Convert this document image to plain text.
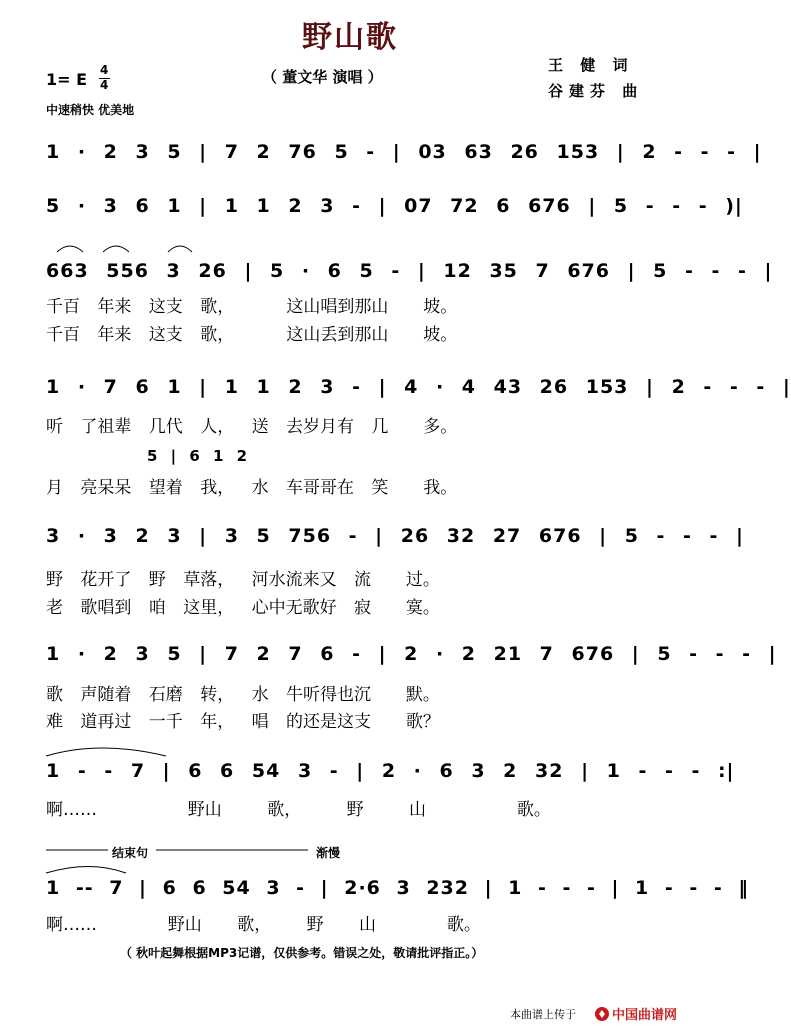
野山歌
（ 董文华 演唱 ）
王 健 词
谷建芬 曲
1= E 4
4
中速稍快 优美地
1 · 2 3 5 | 7 2 76 5 - | 03 63 26 153 | 2 - - - |
5 · 3 6 1 | 1 1 2 3 - | 07 72 6 676 | 5 - - - )|
663 556 3 26 | 5 · 6 5 - | 12 35 7 676 | 5 - - - |
千百 年来 这支 歌，   这山唱到那山  坡。
千百 年来 这支 歌，   这山丢到那山  坡。
1 · 7 6 1 | 1 1 2 3 - | 4 · 4 43 26 153 | 2 - - - |
听 了祖辈 几代 人， 送 去岁月有 几  多。
5 | 6 1 2
月 亮呆呆 望着 我， 水 车哥哥在 笑  我。
3 · 3 2 3 | 3 5 756 - | 26 32 27 676 | 5 - - - |
野 花开了 野 草落， 河水流来又 流  过。
老 歌唱到 咱 这里， 心中无歌好 寂  寞。
1 · 2 3 5 | 7 2 7 6 - | 2 · 2 21 7 676 | 5 - - - |
歌 声随着 石磨 转， 水 牛听得也沉  默。
难 道再过 一千 年， 唱 的还是这支  歌？
1 - - 7 | 6 6 54 3 - | 2 · 6 3 2 32 | 1 - - - :|
啊……  野山 歌， 野 山  歌。
结束句	渐慢
1 -- 7 | 6 6 54 3 - | 2·6 3 232 | 1 - - - | 1 - - - ‖
啊……  野山 歌， 野 山  歌。
（ 秋叶起舞根据MP3记谱，仅供参考。错误之处，敬请批评指正。）
本曲谱上传于	中国曲谱网
